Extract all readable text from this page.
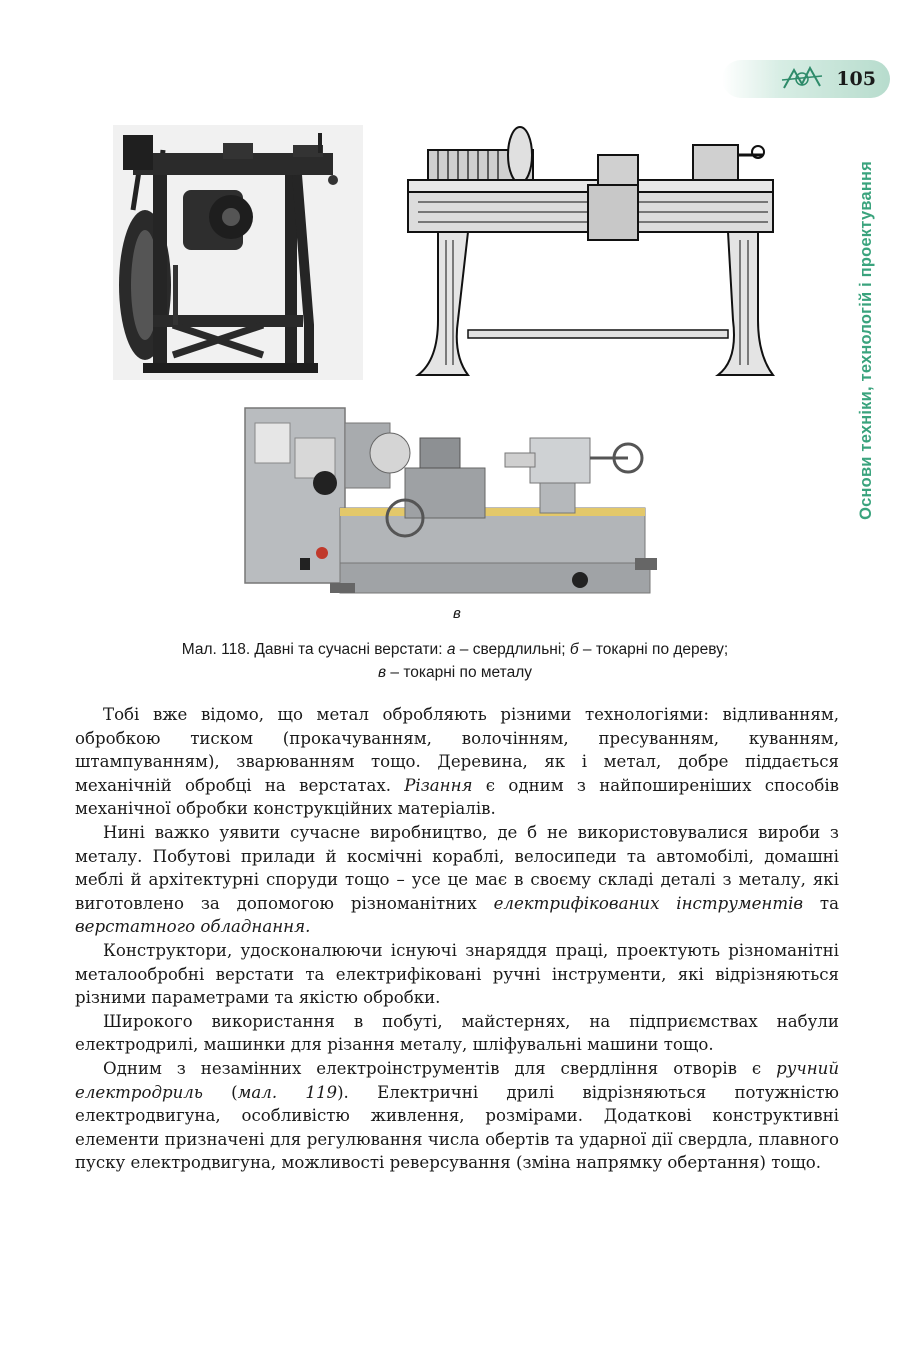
105
Основи техніки, технологій і проектування
в
Мал. 118. Давні та сучасні верстати: а – свердлильні; б – токарні по дереву;
в – токарні по металу

Тобі вже відомо, що метал обробляють різними технологіями: відливанням, обробкою тиском (прокачуванням, волочінням, пресуванням, куванням, штампуванням), зварюванням тощо. Деревина, як і метал, добре піддається механічній обробці на верстатах. Різання є одним з найпоширеніших способів механічної обробки конструкційних матеріалів.

Нині важко уявити сучасне виробництво, де б не використовувалися вироби з металу. Побутові прилади й космічні кораблі, велосипеди та автомобілі, домашні меблі й архітектурні споруди тощо – усе це має в своєму складі деталі з металу, які виготовлено за допомогою різноманітних електрифікованих інструментів та верстатного обладнання.

Конструктори, удосконалюючи існуючі знаряддя праці, проектують різноманітні металообробні верстати та електрифіковані ручні інструменти, які відрізняються різними параметрами та якістю обробки.

Широкого використання в побуті, майстернях, на підприємствах набули електродрилі, машинки для різання металу, шліфувальні машини тощо.

Одним з незамінних електроінструментів для свердління отворів є ручний електродриль (мал. 119). Електричні дрилі відрізняються потужністю електродвигуна, особливістю живлення, розмірами. Додаткові конструктивні елементи призначені для регулювання числа обертів та ударної дії свердла, плавного пуску електродвигуна, можливості реверсування (зміна напрямку обертання) тощо.
